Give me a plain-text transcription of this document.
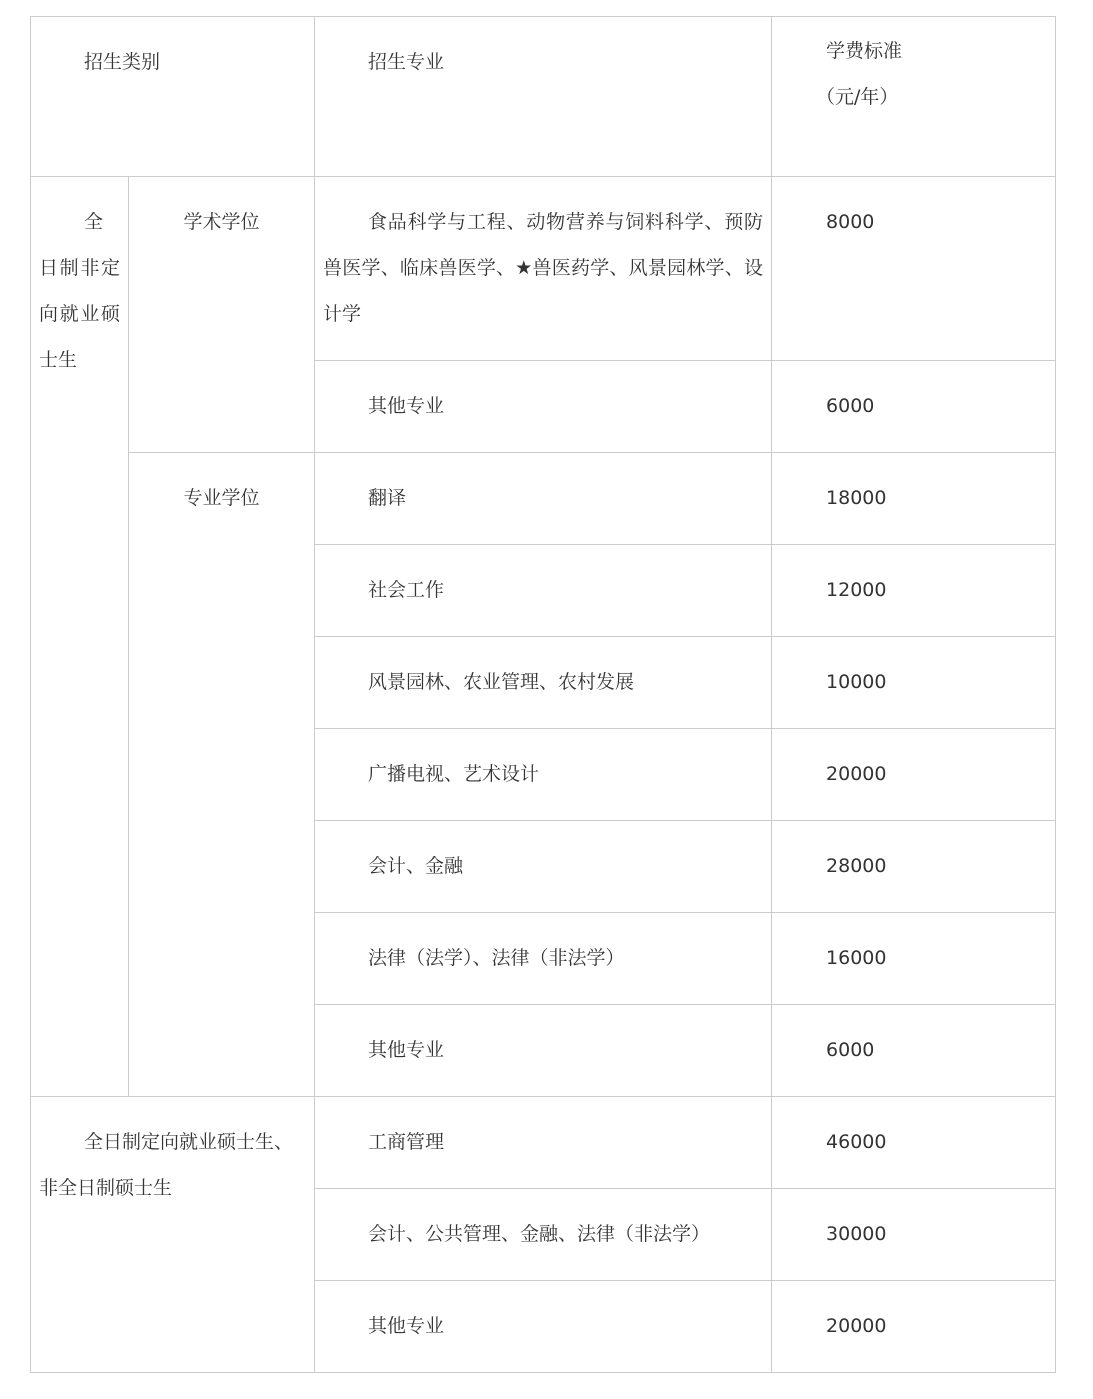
招生类别		招生专业	学费标准
（元/年）

全日制非定向就业硕士生	学术学位	食品科学与工程、动物营养与饲料科学、预防兽医学、临床兽医学、★兽医药学、风景园林学、设计学	8000
		其他专业	6000
	专业学位	翻译	18000
		社会工作	12000
		风景园林、农业管理、农村发展	10000
		广播电视、艺术设计	20000
		会计、金融	28000
		法律（法学）、法律（非法学）	16000
		其他专业	6000
全日制定向就业硕士生、非全日制硕士生		工商管理	46000
		会计、公共管理、金融、法律（非法学）	30000
		其他专业	20000
